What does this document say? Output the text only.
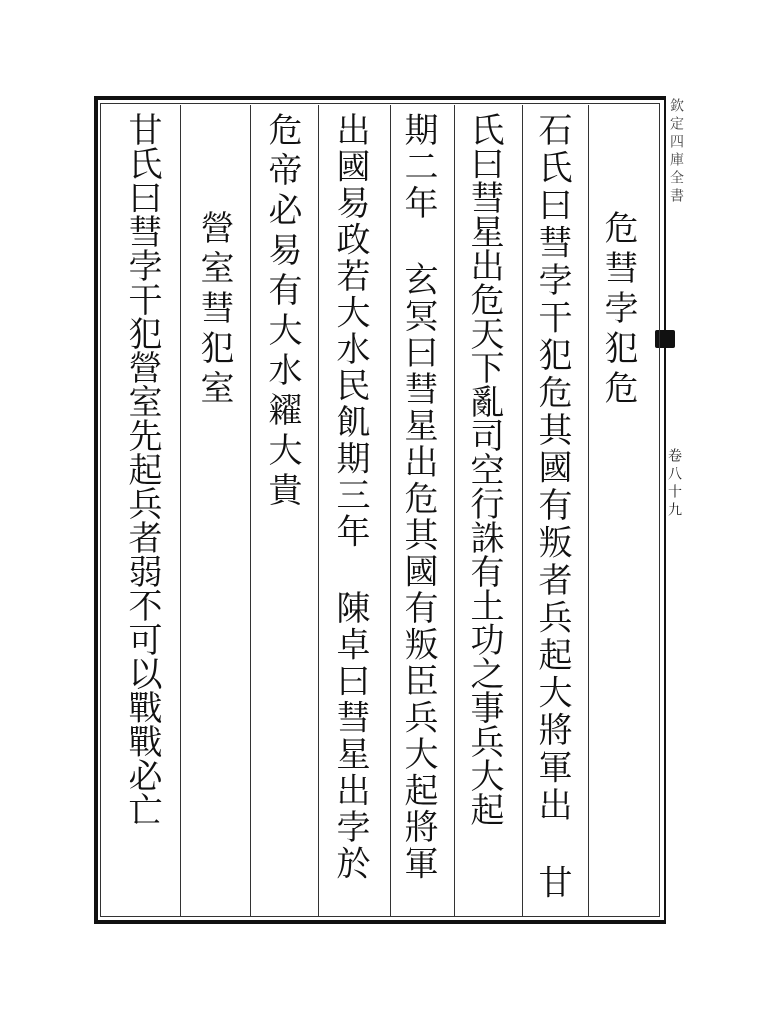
欽定四庫全書
卷八十九
危彗孛犯危
石氏曰彗孛干犯危其國有叛者兵起大將軍出甘
氏曰彗星出危天下亂司空行誅有土功之事兵大起
期二年玄冥曰彗星出危其國有叛臣兵大起將軍
出國易政若大水民飢期三年陳卓曰彗星出孛於
危帝必易有大水糴大貴
營室彗犯室
甘氏曰彗孛干犯營室先起兵者弱不可以戰戰必亡
